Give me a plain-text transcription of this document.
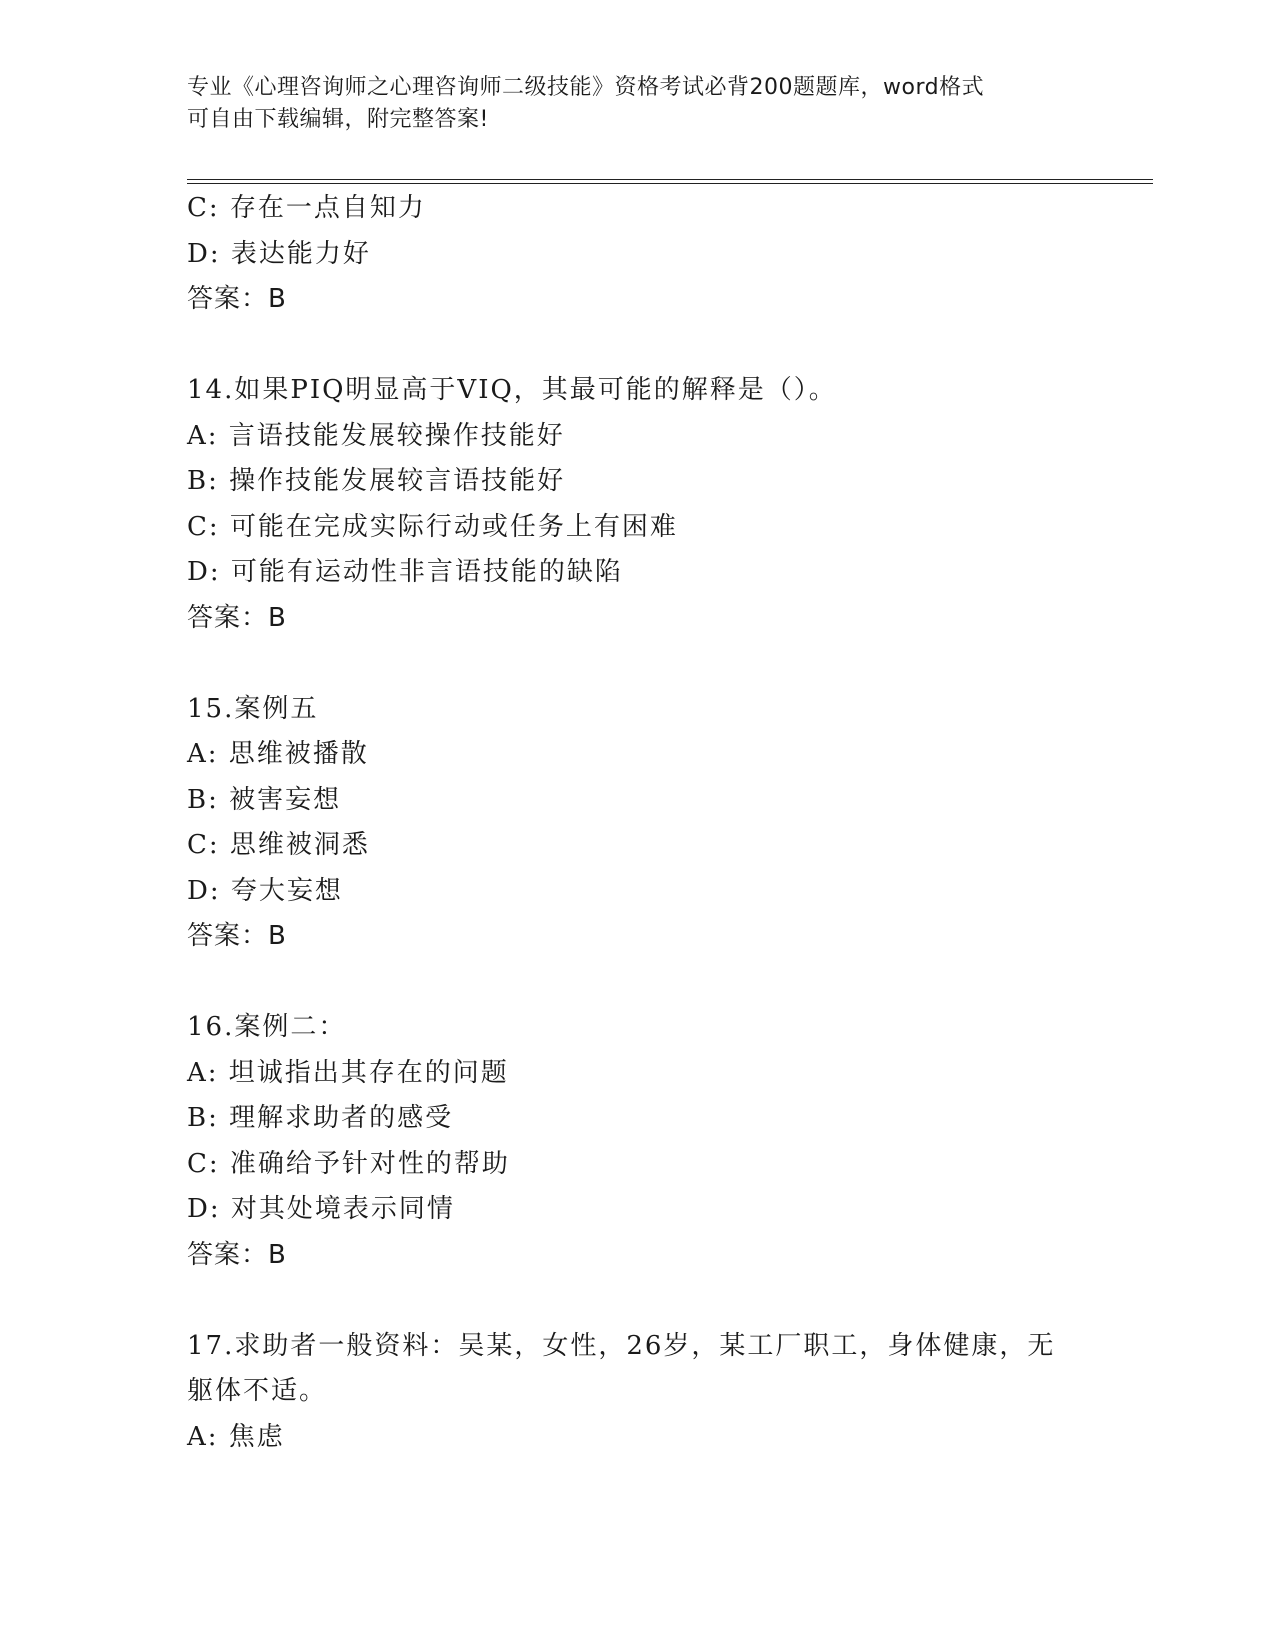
专业《心理咨询师之心理咨询师二级技能》资格考试必背200题题库，word格式
可自由下载编辑，附完整答案!
C: 存在一点自知力
D: 表达能力好
答案：B
14.如果PIQ明显高于VIQ，其最可能的解释是（）。
A: 言语技能发展较操作技能好
B: 操作技能发展较言语技能好
C: 可能在完成实际行动或任务上有困难
D: 可能有运动性非言语技能的缺陷
答案：B
15.案例五
A: 思维被播散
B: 被害妄想
C: 思维被洞悉
D: 夸大妄想
答案：B
16.案例二：
A: 坦诚指出其存在的问题
B: 理解求助者的感受
C: 准确给予针对性的帮助
D: 对其处境表示同情
答案：B
17.求助者一般资料：吴某，女性，26岁，某工厂职工，身体健康，无
躯体不适。
A: 焦虑
